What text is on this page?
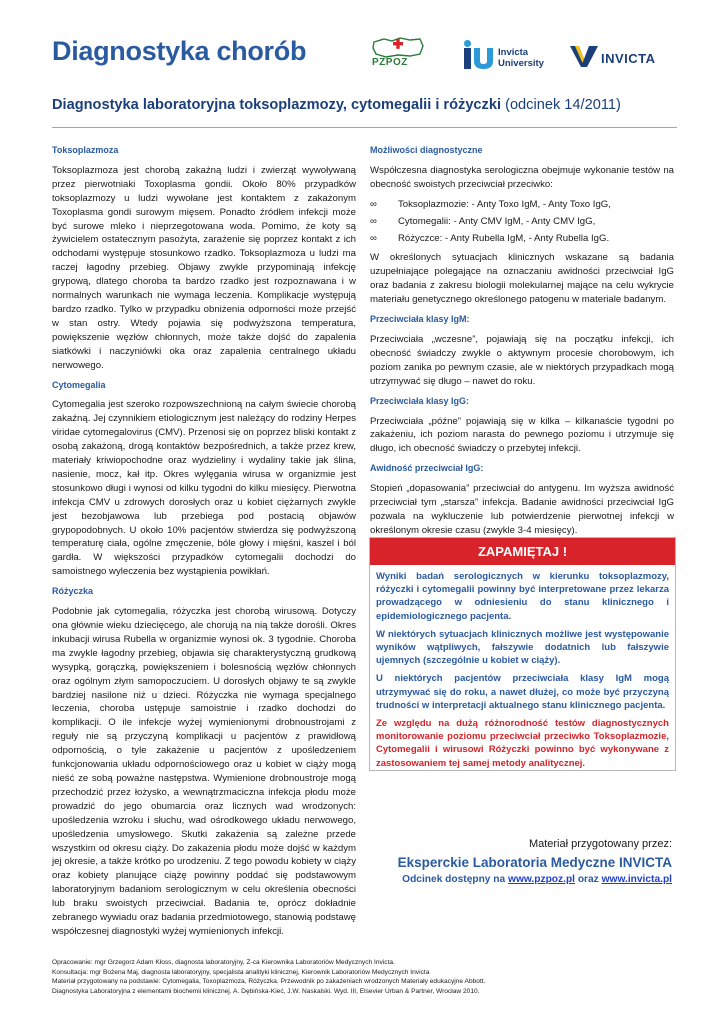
Diagnostyka chorób	PZPOZ
Invicta
University	INVICTA
Diagnostyka laboratoryjna toksoplazmozy, cytomegalii i różyczki (odcinek 14/2011)
Toksoplazmoza

Toksoplazmoza jest chorobą zakaźną ludzi i zwierząt wywoływaną przez pierwotniaki Toxoplasma gondii. Około 80% przypadków toksoplazmozy u ludzi wywołane jest kontaktem z zakażonym Toxoplasma gondi surowym mięsem. Ponadto źródłem infekcji może być surowe mleko i nieprzegotowana woda. Pomimo, że koty są żywicielem ostatecznym pasożyta, zarażenie się poprzez kontakt z ich odchodami występuje stosunkowo rzadko. Toksoplazmoza u ludzi ma raczej łagodny przebieg. Objawy zwykle przypominają infekcję grypową, dlatego choroba ta bardzo rzadko jest rozpoznawana i w normalnych warunkach nie wymaga leczenia. Komplikacje występują bardzo rzadko. Tylko w przypadku obniżenia odporności może przejść w stan ostry. Wtedy pojawia się podwyższona temperatura, powiększenie węzłów chłonnych, może także dojść do zapalenia siatkówki i naczyniówki oka oraz zapalenia centralnego układu nerwowego.

Cytomegalia

Cytomegalia jest szeroko rozpowszechnioną na całym świecie chorobą zakaźną. Jej czynnikiem etiologicznym jest należący do rodziny Herpes viridae cytomegalovirus (CMV). Przenosi się on poprzez bliski kontakt z osobą zakażoną, drogą kontaktów bezpośrednich, a także przez krew, materiały kriwiopochodne oraz wydzieliny i wydaliny takie jak ślina, nasienie, mocz, kał itp. Okres wylęgania wirusa w organizmie jest stosunkowo długi i wynosi od kilku tygodni do kilku miesięcy. Pierwotna infekcja CMV u zdrowych dorosłych oraz u kobiet ciężarnych zwykle jest bezobjawowa lub przebiega pod postacią objawów grypopodobnych. U około 10% pacjentów stwierdza się podwyższoną temperaturę ciała, ogólne zmęczenie, bóle głowy i mięśni, kaszel i ból gardła. W większości przypadków cytomegalii dochodzi do samoistnego wyleczenia bez wystąpienia powikłań.

Różyczka

Podobnie jak cytomegalia, różyczka jest chorobą wirusową. Dotyczy ona głównie wieku dziecięcego, ale chorują na nią także dorośli. Okres inkubacji wirusa Rubella w organizmie wynosi ok. 3 tygodnie. Choroba ma zwykle łagodny przebieg, objawia się charakterystyczną grudkową wysypką, gorączką, powiększeniem i bolesnością węzłów chłonnych oraz ogólnym złym samopoczuciem. U dorosłych objawy te są zwykle bardziej nasilone niż u dzieci. Różyczka nie wymaga specjalnego leczenia, choroba ustępuje samoistnie i rzadko dochodzi do komplikacji. O ile infekcje wyżej wymienionymi drobnoustrojami z reguły nie są przyczyną komplikacji u pacjentów z prawidłową odpornością, o tyle zakażenie u pacjentów z upośledzeniem funkcjonowania układu odpornościowego oraz u kobiet w ciąży mogą nieść ze sobą poważne następstwa. Wymienione drobnoustroje mogą przechodzić przez łożysko, a wewnątrzmaciczna infekcja płodu może prowadzić do jego obumarcia oraz licznych wad wrodzonych: upośledzenia wzroku i słuchu, wad ośrodkowego układu nerwowego, upośledzenia umysłowego. Skutki zakażenia są zależne przede wszystkim od okresu ciąży. Do zakażenia płodu może dojść w każdym jej okresie, a także krótko po urodzeniu. Z tego powodu kobiety w ciąży oraz kobiety planujące ciążę powinny poddać się podstawowym laboratoryjnym badaniom serologicznym w celu określenia obecności lub braku swoistych przeciwciał. Badania te, oprócz dokładnie zebranego wywiadu oraz badania przedmiotowego, stanowią podstawę współczesnej diagnostyki wyżej wymienionych infekcji.

Możliwości diagnostyczne

Współczesna diagnostyka serologiczna obejmuje wykonanie testów na obecność swoistych przeciwciał przeciwko:

∞ Toksoplazmozie: - Anty Toxo IgM, - Anty Toxo IgG,
∞ Cytomegalii: - Anty CMV IgM, - Anty CMV IgG,
∞ Różyczce: - Anty Rubella IgM, - Anty Rubella IgG.

W określonych sytuacjach klinicznych wskazane są badania uzupełniające polegające na oznaczaniu awidności przeciwciał IgG oraz badania z zakresu biologii molekularnej mające na celu wykrycie materiału genetycznego określonego patogenu w materiale badanym.

Przeciwciała klasy IgM:

Przeciwciała „wczesne”, pojawiają się na początku infekcji, ich obecność świadczy zwykle o aktywnym procesie chorobowym, ich poziom zanika po pewnym czasie, ale w niektórych przypadkach mogą utrzymywać się długo – nawet do roku.

Przeciwciała klasy IgG:

Przeciwciała „późne” pojawiają się w kilka – kilkanaście tygodni po zakażeniu, ich poziom narasta do pewnego poziomu i utrzymuje się długo, ich obecność świadczy o przebytej infekcji.

Awidność przeciwciał IgG:

Stopień „dopasowania” przeciwciał do antygenu. Im wyższa awidność przeciwciał tym „starsza” infekcja. Badanie awidności przeciwciał IgG pozwala na wykluczenie lub potwierdzenie pierwotnej infekcji w określonym okresie czasu (zwykle 3-4 miesięcy).

ZAPAMIĘTAJ !

Wyniki badań serologicznych w kierunku toksoplazmozy, różyczki i cytomegalii powinny być interpretowane przez lekarza prowadzącego w odniesieniu do stanu klinicznego i epidemiologicznego pacjenta.

W niektórych sytuacjach klinicznych możliwe jest występowanie wyników wątpliwych, fałszywie dodatnich lub fałszywie ujemnych (szczególnie u kobiet w ciąży).

U niektórych pacjentów przeciwciała klasy IgM mogą utrzymywać się do roku, a nawet dłużej, co może być przyczyną trudności w interpretacji aktualnego stanu klinicznego pacjenta.

Ze względu na dużą różnorodność testów diagnostycznych monitorowanie poziomu przeciwciał przeciwko Toksoplazmozie, Cytomegalii i wirusowi Różyczki powinno być wykonywane z zastosowaniem tej samej metody analitycznej.

Materiał przygotowany przez:
Eksperckie Laboratoria Medyczne INVICTA
Odcinek dostępny na www.pzpoz.pl oraz www.invicta.pl
Opracowanie: mgr Grzegorz Adam Kłoss, diagnosta laboratoryjny, Z-ca Kierownika Laboratoriów Medycznych Invicta.
Konsultacja: mgr Bożena Maj, diagnosta laboratoryjny, specjalista analityki klinicznej, Kierownik Laboratoriów Medycznych Invicta
Materiał przygotowany na podstawie: Cytomegalia, Toxoplazmoza, Różyczka. Przewodnik po zakażeniach wrodzonych Materiały edukacyjne Abbott.
Diagnostyka Laboratoryjna z elementami biochemii klinicznej. A. Dębińska-Kieć, J.W. Naskalski. Wyd. III, Elsevier Urban & Partner, Wrocław 2010.
